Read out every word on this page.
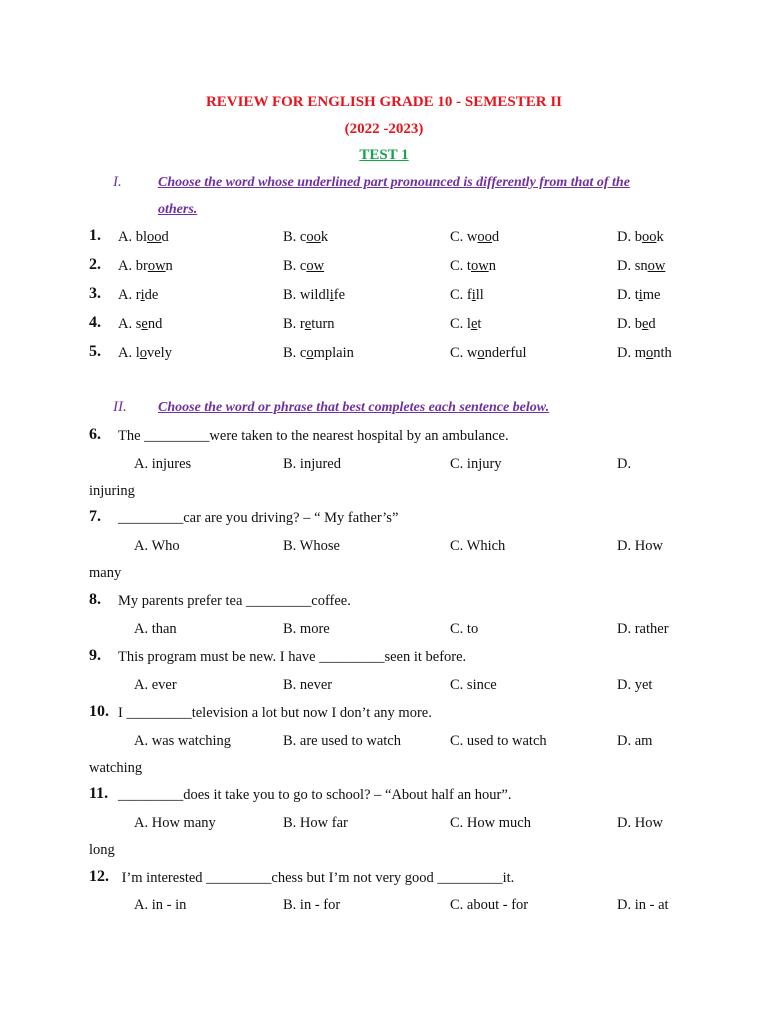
REVIEW FOR ENGLISH GRADE 10 - SEMESTER II
(2022 -2023)
TEST 1
I.	Choose the word whose underlined part pronounced is differently from that of the
others.
1. A. blood	B. cook	C. wood	D. book
2. A. brown	B. cow	C. town	D. snow
3. A. ride	B. wildlife	C. fill	D. time
4. A. send	B. return	C. let	D. bed
5. A. lovely	B. complain	C. wonderful	D. month
II. Choose the word or phrase that best completes each sentence below.
6. The _________were taken to the nearest hospital by an ambulance.
A. injures	B. injured	C. injury	D.
injuring
7. _________car are you driving? – “ My father’s”
A. Who	B. Whose	C. Which	D. How
many
8. My parents prefer tea _________coffee.
A. than	B. more	C. to	D. rather
9. This program must be new. I have _________seen it before.
A. ever	B. never	C. since	D. yet
10. I _________television a lot but now I don’t any more.
A. was watching	B. are used to watch	C. used to watch	D. am
watching
11. _________does it take you to go to school? – “About half an hour”.
A. How many	B. How far	C. How much	D. How
long
12. I’m interested _________chess but I’m not very good _________it.
A. in - in	B. in - for	C. about - for	D. in - at
